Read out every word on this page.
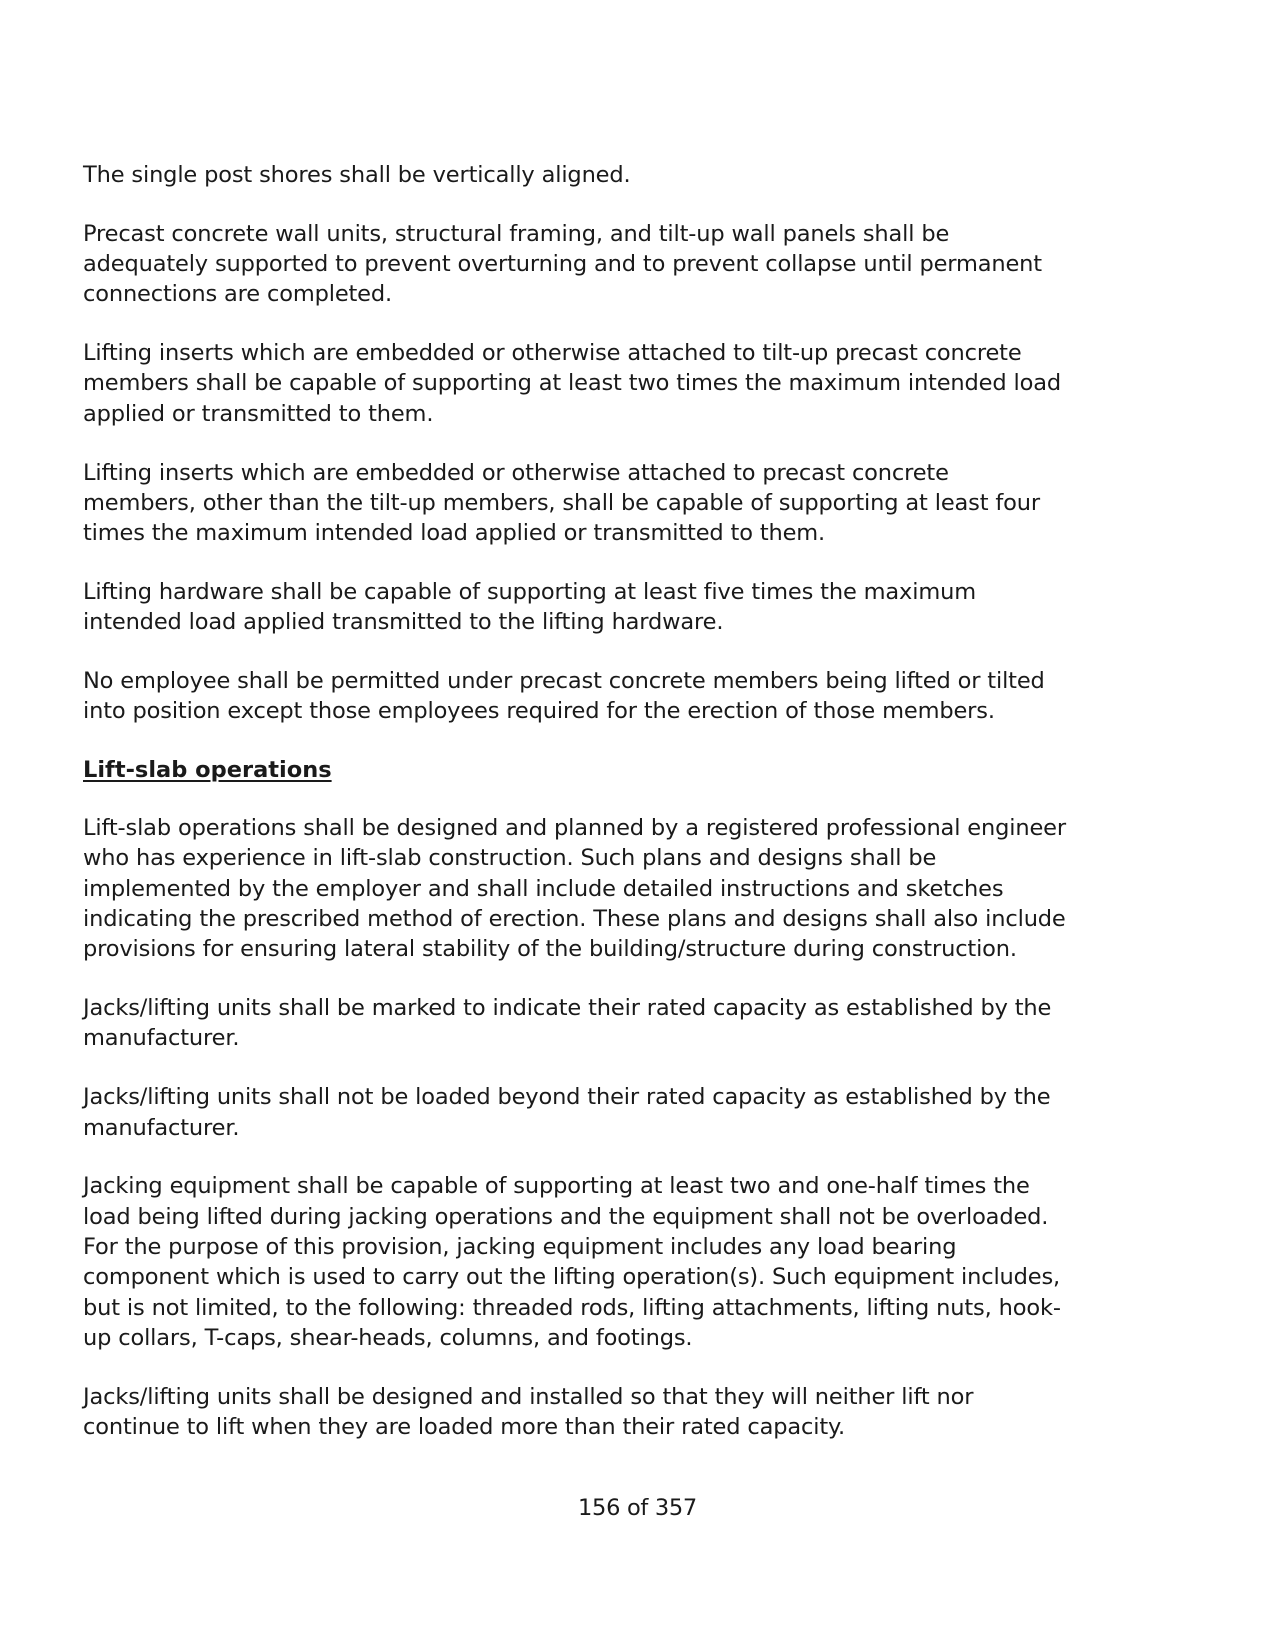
The single post shores shall be vertically aligned.

Precast concrete wall units, structural framing, and tilt-up wall panels shall be
adequately supported to prevent overturning and to prevent collapse until permanent
connections are completed.

Lifting inserts which are embedded or otherwise attached to tilt-up precast concrete
members shall be capable of supporting at least two times the maximum intended load
applied or transmitted to them.

Lifting inserts which are embedded or otherwise attached to precast concrete
members, other than the tilt-up members, shall be capable of supporting at least four
times the maximum intended load applied or transmitted to them.

Lifting hardware shall be capable of supporting at least five times the maximum
intended load applied transmitted to the lifting hardware.

No employee shall be permitted under precast concrete members being lifted or tilted
into position except those employees required for the erection of those members.

Lift-slab operations

Lift-slab operations shall be designed and planned by a registered professional engineer
who has experience in lift-slab construction. Such plans and designs shall be
implemented by the employer and shall include detailed instructions and sketches
indicating the prescribed method of erection. These plans and designs shall also include
provisions for ensuring lateral stability of the building/structure during construction.

Jacks/lifting units shall be marked to indicate their rated capacity as established by the
manufacturer.

Jacks/lifting units shall not be loaded beyond their rated capacity as established by the
manufacturer.

Jacking equipment shall be capable of supporting at least two and one-half times the
load being lifted during jacking operations and the equipment shall not be overloaded.
For the purpose of this provision, jacking equipment includes any load bearing
component which is used to carry out the lifting operation(s). Such equipment includes,
but is not limited, to the following: threaded rods, lifting attachments, lifting nuts, hook-
up collars, T-caps, shear-heads, columns, and footings.

Jacks/lifting units shall be designed and installed so that they will neither lift nor
continue to lift when they are loaded more than their rated capacity.

156 of 357
